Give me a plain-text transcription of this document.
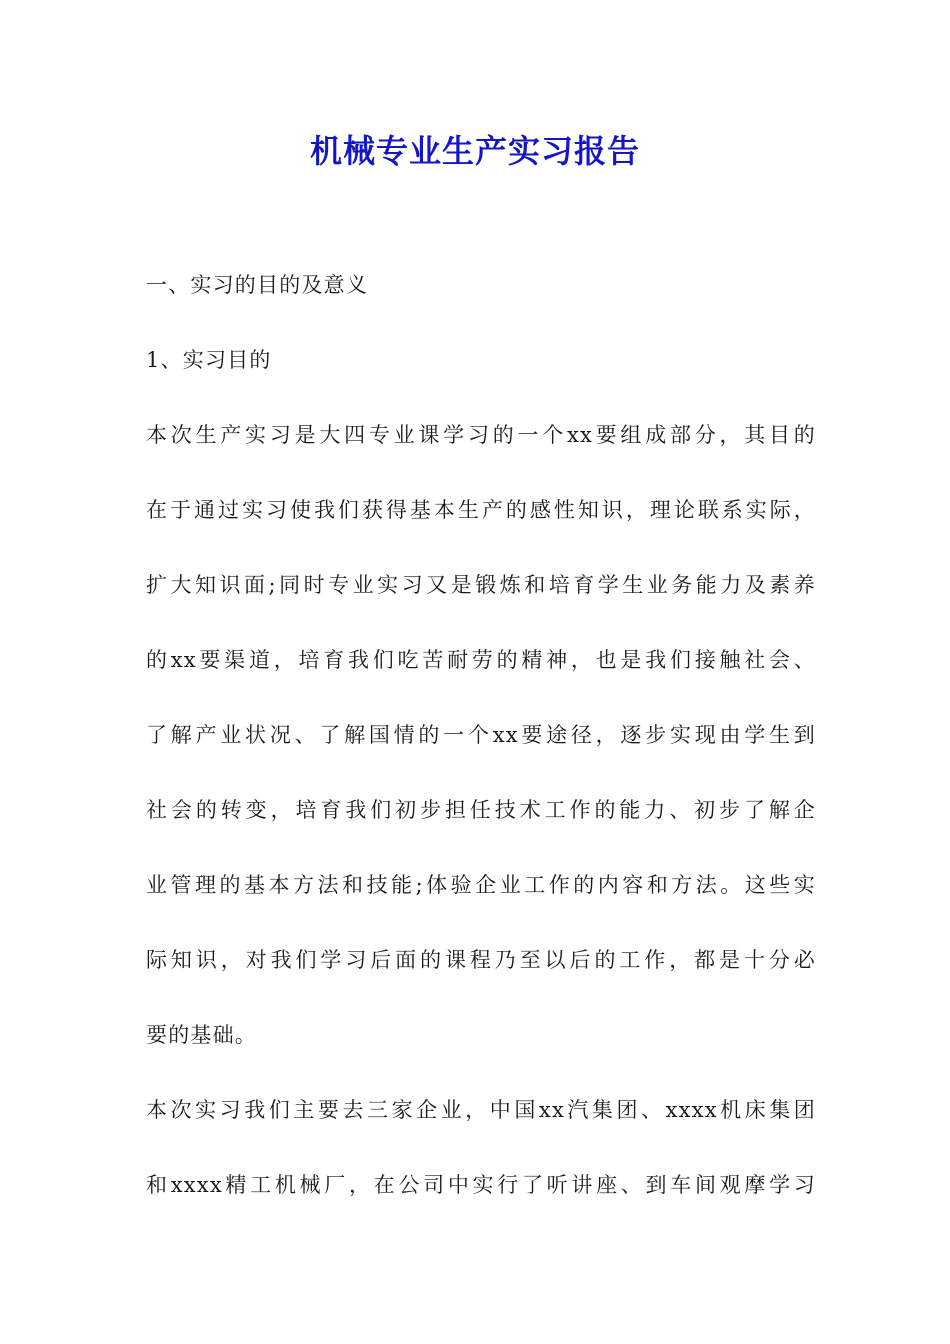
机械专业生产实习报告
一、实习的目的及意义
1、实习目的
本次生产实习是大四专业课学习的一个xx要组成部分，其目的
在于通过实习使我们获得基本生产的感性知识，理论联系实际，
扩大知识面;同时专业实习又是锻炼和培育学生业务能力及素养
的xx要渠道，培育我们吃苦耐劳的精神，也是我们接触社会、
了解产业状况、了解国情的一个xx要途径，逐步实现由学生到
社会的转变，培育我们初步担任技术工作的能力、初步了解企
业管理的基本方法和技能;体验企业工作的内容和方法。这些实
际知识，对我们学习后面的课程乃至以后的工作，都是十分必
要的基础。
本次实习我们主要去三家企业，中国xx汽集团、xxxx机床集团
和xxxx精工机械厂，在公司中实行了听讲座、到车间观摩学习
